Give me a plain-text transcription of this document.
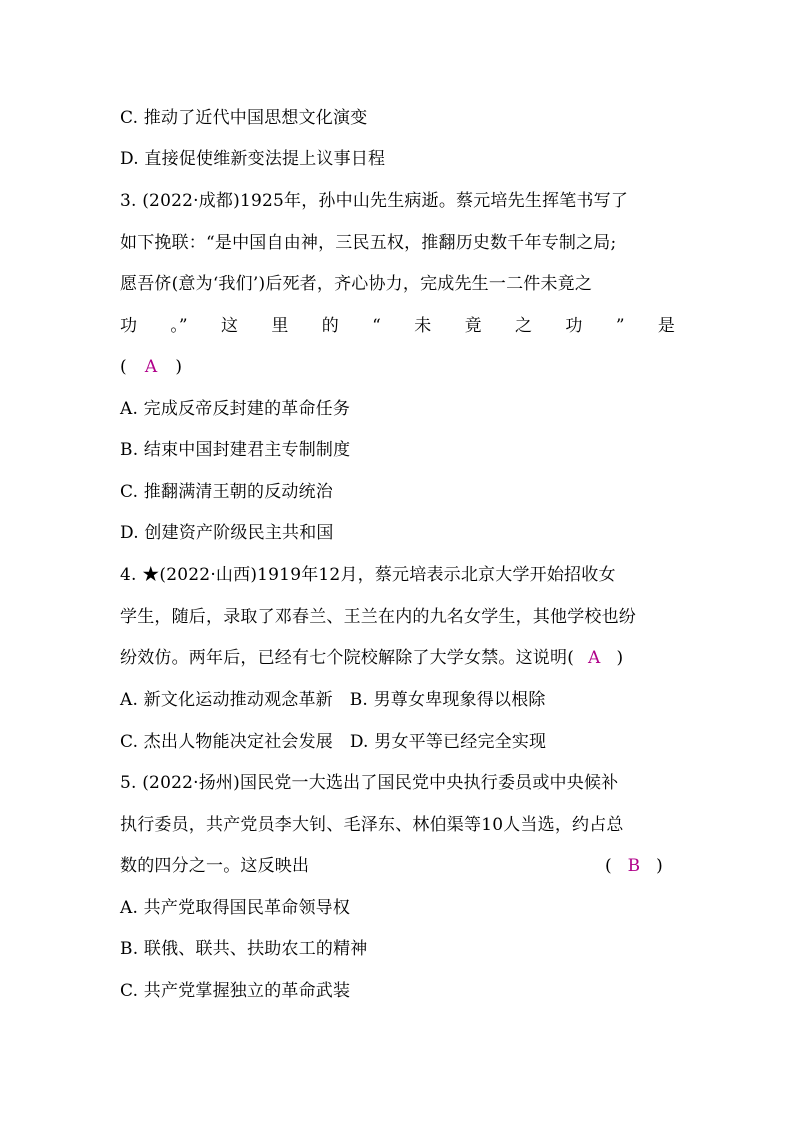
C. 推动了近代中国思想文化演变
D. 直接促使维新变法提上议事日程
3. (2022·成都)1925年，孙中山先生病逝。蔡元培先生挥笔书写了
如下挽联：“是中国自由神，三民五权，推翻历史数千年专制之局;
愿吾侪(意为‘我们’)后死者，齐心协力，完成先生一二件未竟之
功 。” 这 里 的 “ 未 竟 之 功 ” 是
( A )
A. 完成反帝反封建的革命任务
B. 结束中国封建君主专制制度
C. 推翻满清王朝的反动统治
D. 创建资产阶级民主共和国
4. ★(2022·山西)1919年12月，蔡元培表示北京大学开始招收女
学生，随后，录取了邓春兰、王兰在内的九名女学生，其他学校也纷
纷效仿。两年后，已经有七个院校解除了大学女禁。这说明( A )
A. 新文化运动推动观念革新   B. 男尊女卑现象得以根除
C. 杰出人物能决定社会发展   D. 男女平等已经完全实现
5. (2022·扬州)国民党一大选出了国民党中央执行委员或中央候补
执行委员，共产党员李大钊、毛泽东、林伯渠等10人当选，约占总
数的四分之一。这反映出	( B )
A. 共产党取得国民革命领导权
B. 联俄、联共、扶助农工的精神
C. 共产党掌握独立的革命武装
